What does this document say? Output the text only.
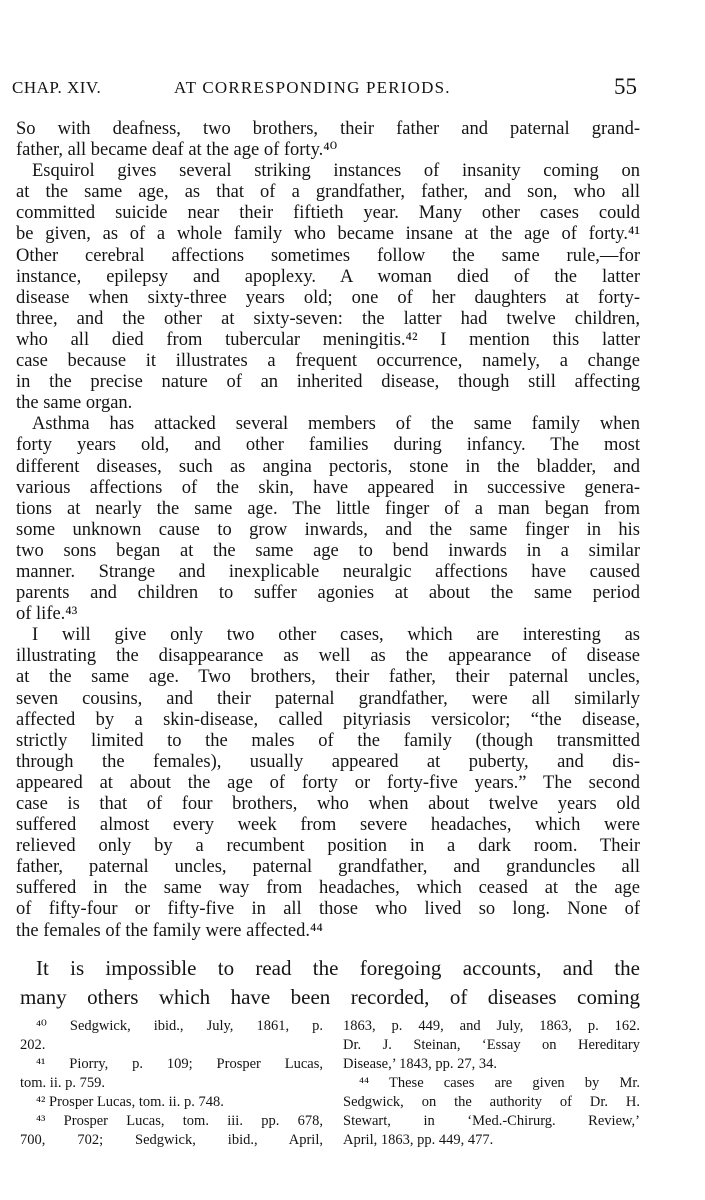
CHAP. XIV.	AT CORRESPONDING PERIODS.	55
So with deafness, two brothers, their father and paternal grand-
father, all became deaf at the age of forty.⁴⁰
Esquirol gives several striking instances of insanity coming on
at the same age, as that of a grandfather, father, and son, who all
committed suicide near their fiftieth year. Many other cases could
be given, as of a whole family who became insane at the age of forty.⁴¹
Other cerebral affections sometimes follow the same rule,—for
instance, epilepsy and apoplexy. A woman died of the latter
disease when sixty-three years old; one of her daughters at forty-
three, and the other at sixty-seven: the latter had twelve children,
who all died from tubercular meningitis.⁴² I mention this latter
case because it illustrates a frequent occurrence, namely, a change
in the precise nature of an inherited disease, though still affecting
the same organ.
Asthma has attacked several members of the same family when
forty years old, and other families during infancy. The most
different diseases, such as angina pectoris, stone in the bladder, and
various affections of the skin, have appeared in successive genera-
tions at nearly the same age. The little finger of a man began from
some unknown cause to grow inwards, and the same finger in his
two sons began at the same age to bend inwards in a similar
manner. Strange and inexplicable neuralgic affections have caused
parents and children to suffer agonies at about the same period
of life.⁴³
I will give only two other cases, which are interesting as
illustrating the disappearance as well as the appearance of disease
at the same age. Two brothers, their father, their paternal uncles,
seven cousins, and their paternal grandfather, were all similarly
affected by a skin-disease, called pityriasis versicolor; “the disease,
strictly limited to the males of the family (though transmitted
through the females), usually appeared at puberty, and dis-
appeared at about the age of forty or forty-five years.” The second
case is that of four brothers, who when about twelve years old
suffered almost every week from severe headaches, which were
relieved only by a recumbent position in a dark room. Their
father, paternal uncles, paternal grandfather, and granduncles all
suffered in the same way from headaches, which ceased at the age
of fifty-four or fifty-five in all those who lived so long. None of
the females of the family were affected.⁴⁴
It is impossible to read the foregoing accounts, and the
many others which have been recorded, of diseases coming
⁴⁰ Sedgwick, ibid., July, 1861, p.
202.
⁴¹ Piorry, p. 109; Prosper Lucas,
tom. ii. p. 759.
⁴² Prosper Lucas, tom. ii. p. 748.
⁴³ Prosper Lucas, tom. iii. pp. 678,
700, 702; Sedgwick, ibid., April,
1863, p. 449, and July, 1863, p. 162.
Dr. J. Steinan, ‘Essay on Hereditary
Disease,’ 1843, pp. 27, 34.
⁴⁴ These cases are given by Mr.
Sedgwick, on the authority of Dr. H.
Stewart, in ‘Med.-Chirurg. Review,’
April, 1863, pp. 449, 477.
